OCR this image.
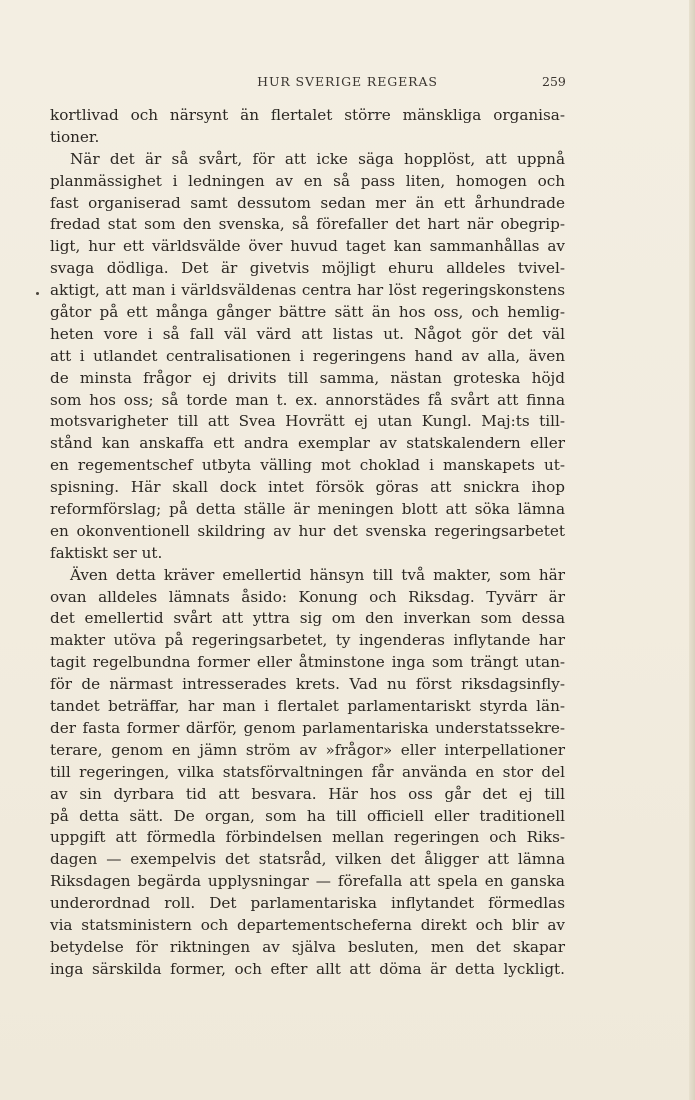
HUR SVERIGE REGERAS	259
kortlivad och närsynt än flertalet större mänskliga organisa-
tioner.
När det är så svårt, för att icke säga hopplöst, att uppnå
planmässighet i ledningen av en så pass liten, homogen och
fast organiserad samt dessutom sedan mer än ett århundrade
fredad stat som den svenska, så förefaller det hart när obegrip-
ligt, hur ett världsvälde över huvud taget kan sammanhållas av
svaga dödliga. Det är givetvis möjligt ehuru alldeles tvivel-
aktigt, att man i världsväldenas centra har löst regeringskonstens
gåtor på ett många gånger bättre sätt än hos oss, och hemlig-
heten vore i så fall väl värd att listas ut. Något gör det väl
att i utlandet centralisationen i regeringens hand av alla, även
de minsta frågor ej drivits till samma, nästan groteska höjd
som hos oss; så torde man t. ex. annorstädes få svårt att finna
motsvarigheter till att Svea Hovrätt ej utan Kungl. Maj:ts till-
stånd kan anskaffa ett andra exemplar av statskalendern eller
en regementschef utbyta välling mot choklad i manskapets ut-
spisning. Här skall dock intet försök göras att snickra ihop
reformförslag; på detta ställe är meningen blott att söka lämna
en okonventionell skildring av hur det svenska regeringsarbetet
faktiskt ser ut.
Även detta kräver emellertid hänsyn till två makter, som här
ovan alldeles lämnats åsido: Konung och Riksdag. Tyvärr är
det emellertid svårt att yttra sig om den inverkan som dessa
makter utöva på regeringsarbetet, ty ingenderas inflytande har
tagit regelbundna former eller åtminstone inga som trängt utan-
för de närmast intresserades krets. Vad nu först riksdagsinfly-
tandet beträffar, har man i flertalet parlamentariskt styrda län-
der fasta former därför, genom parlamentariska understatssekre-
terare, genom en jämn ström av »frågor» eller interpellationer
till regeringen, vilka statsförvaltningen får använda en stor del
av sin dyrbara tid att besvara. Här hos oss går det ej till
på detta sätt. De organ, som ha till officiell eller traditionell
uppgift att förmedla förbindelsen mellan regeringen och Riks-
dagen — exempelvis det statsråd, vilken det åligger att lämna
Riksdagen begärda upplysningar — förefalla att spela en ganska
underordnad roll. Det parlamentariska inflytandet förmedlas
via statsministern och departementscheferna direkt och blir av
betydelse för riktningen av själva besluten, men det skapar
inga särskilda former, och efter allt att döma är detta lyckligt.
